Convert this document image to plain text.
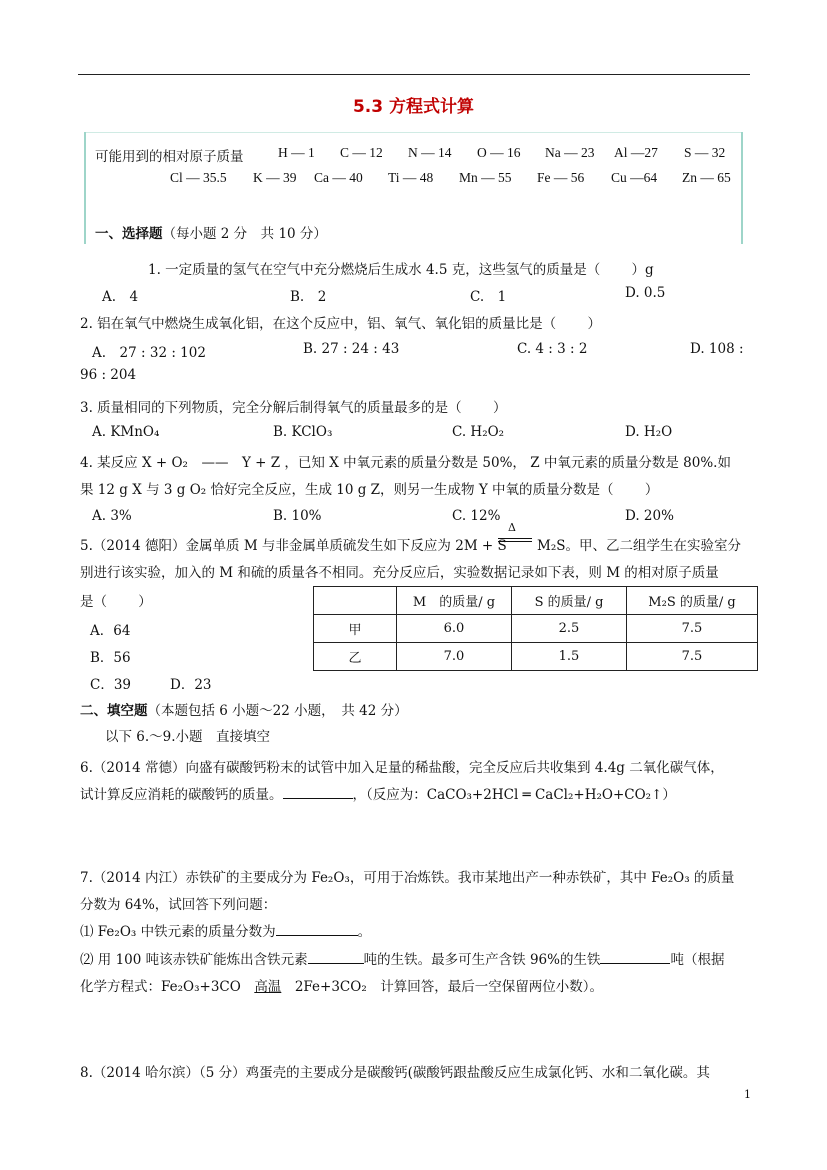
5.3 方程式计算
可能用到的相对原子质量	H — 1 C — 12 N — 14 O — 16 Na — 23 Al —27 S — 32
Cl — 35.5 K — 39 Ca — 40 Ti — 48 Mn — 55 Fe — 56 Cu —64 Zn — 65
一、选择题（每小题 2 分　共 10 分）
1. 一定质量的氢气在空气中充分燃烧后生成水 4.5 克，这些氢气的质量是（　　 ）g
A.　4	B.　2	C.　1	D. 0.5
2. 铝在氧气中燃烧生成氧化铝，在这个反应中，铝、氧气、氧化铝的质量比是（　　 ）
A.　27 : 32 : 102	B. 27 : 24 : 43	C. 4 : 3 : 2	D. 108 :
96 : 204
3. 质量相同的下列物质，完全分解后制得氧气的质量最多的是（　　 ）
A. KMnO₄	B. KClO₃	C. H₂O₂	D. H₂O
4. 某反应 X + O₂　——　Y + Z ，已知 X 中氧元素的质量分数是 50%， Z 中氧元素的质量分数是 80%.如
果 12 g X 与 3 g O₂ 恰好完全反应，生成 10 g Z，则另一生成物 Y 中氧的质量分数是（　　 ）
A. 3%	B. 10%	C. 12%	D. 20%
5.（2014 德阳）金属单质 M 与非金属单质硫发生如下反应为 2M + S
Δ
M₂S。甲、乙二组学生在实验室分
别进行该实验，加入的 M 和硫的质量各不相同。充分反应后，实验数据记录如下表，则 M 的相对原子质量
是（　　 ）
A．64
B．56
C．39	D．23
	M　的质量/ g	S 的质量/ g	M₂S 的质量/ g
甲	6.0	2.5	7.5
乙	7.0	1.5	7.5
二、填空题（本题包括 6 小题～22 小题，　共 42 分）
以下 6.～9.小题　直接填空
6.（2014 常德）向盛有碳酸钙粉末的试管中加入足量的稀盐酸，完全反应后共收集到 4.4g 二氧化碳气体，
试计算反应消耗的碳酸钙的质量。	，（反应为：CaCO₃+2HCl ═ CaCl₂+H₂O+CO₂↑）
7.（2014 内江）赤铁矿的主要成分为 Fe₂O₃，可用于冶炼铁。我市某地出产一种赤铁矿，其中 Fe₂O₃ 的质量
分数为 64%，试回答下列问题：
⑴ Fe₂O₃ 中铁元素的质量分数为	。
⑵ 用 100 吨该赤铁矿能炼出含铁元素	吨的生铁。最多可生产含铁 96%的生铁	吨（根据
化学方程式：Fe₂O₃+3CO　 高温　 2Fe+3CO₂　计算回答，最后一空保留两位小数）。
8.（2014 哈尔滨）（5 分）鸡蛋壳的主要成分是碳酸钙(碳酸钙跟盐酸反应生成氯化钙、水和二氧化碳。其
1
